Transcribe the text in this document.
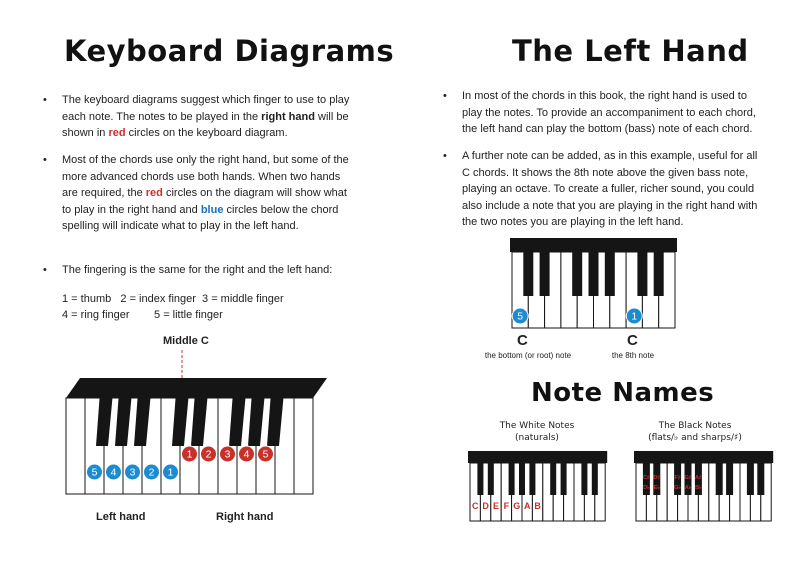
Keyboard Diagrams
• The keyboard diagrams suggest which finger to use to play each note. The notes to be played in the right hand will be shown in red circles on the keyboard diagram.
• Most of the chords use only the right hand, but some of the more advanced chords use both hands. When two hands are required, the red circles on the diagram will show what to play in the right hand and blue circles below the chord spelling will indicate what to play in the left hand.
• The fingering is the same for the right and the left hand:
1 = thumb   2 = index finger  3 = middle finger
4 = ring finger        5 = little finger
Middle C
5 4 3 2 1
1 2 3 4 5
Left hand	Right hand
The Left Hand
• In most of the chords in this book, the right hand is used to play the notes. To provide an accompaniment to each chord, the left hand can play the bottom (bass) note of each chord.
• A further note can be added, as in this example, useful for all C chords. It shows the 8th note above the given bass note, playing an octave. To create a fuller, richer sound, you could also include a note that you are playing in the right hand with the two notes you are playing in the left hand.
5	1
C
the bottom (or root) note
C
the 8th note
Note Names
The White Notes
(naturals)
The Black Notes
(flats/♭ and sharps/♯)
C D E F G A B
C♯
D♭
D♯
E♭
F♯
G♭
G♯
A♭
A♯
B♭
